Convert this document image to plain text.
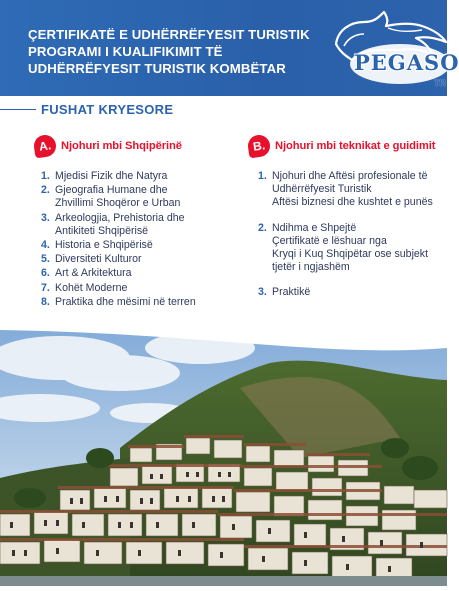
ÇERTIFIKATË E UDHËRRËFYESIT TURISTIK
PROGRAMI I KUALIFIKIMIT TË
UDHËRRËFYESIT TURISTIK KOMBËTAR	PEGASO
TR
FUSHAT KRYESORE
A. Njohuri mbi Shqipërinë
1. Mjedisi Fizik dhe Natyra
2. Gjeografia Humane dhe
Zhvillimi Shoqëror e Urban
3. Arkeologjia, Prehistoria dhe
Antikiteti Shqipërisë
4. Historia e Shqipërisë
5. Diversiteti Kulturor
6. Art & Arkitektura
7. Kohët Moderne
8. Praktika dhe mësimi në terren
B. Njohuri mbi teknikat e guidimit
1. Njohuri dhe Aftësi profesionale të
Udhërrëfyesit Turistik
Aftësi biznesi dhe kushtet e punës
2. Ndihma e Shpejtë
Çertifikatë e lëshuar nga
Kryqi i Kuq Shqipëtar ose subjekt
tjetër i ngjashëm
3. Praktikë
